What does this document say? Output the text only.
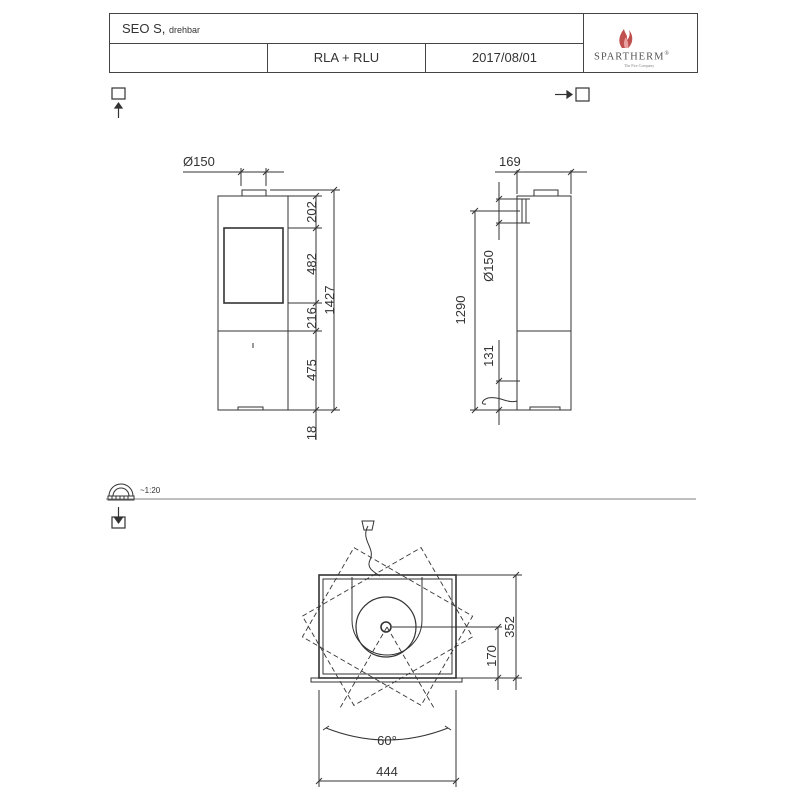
SEO S, drehbar
RLA + RLU	2017/08/01	SPARTHERM®
The Fire Company
Ø150
202
482
216
1427
475
18
169
1290
Ø150
131
352
170
60°
444
~1:20
